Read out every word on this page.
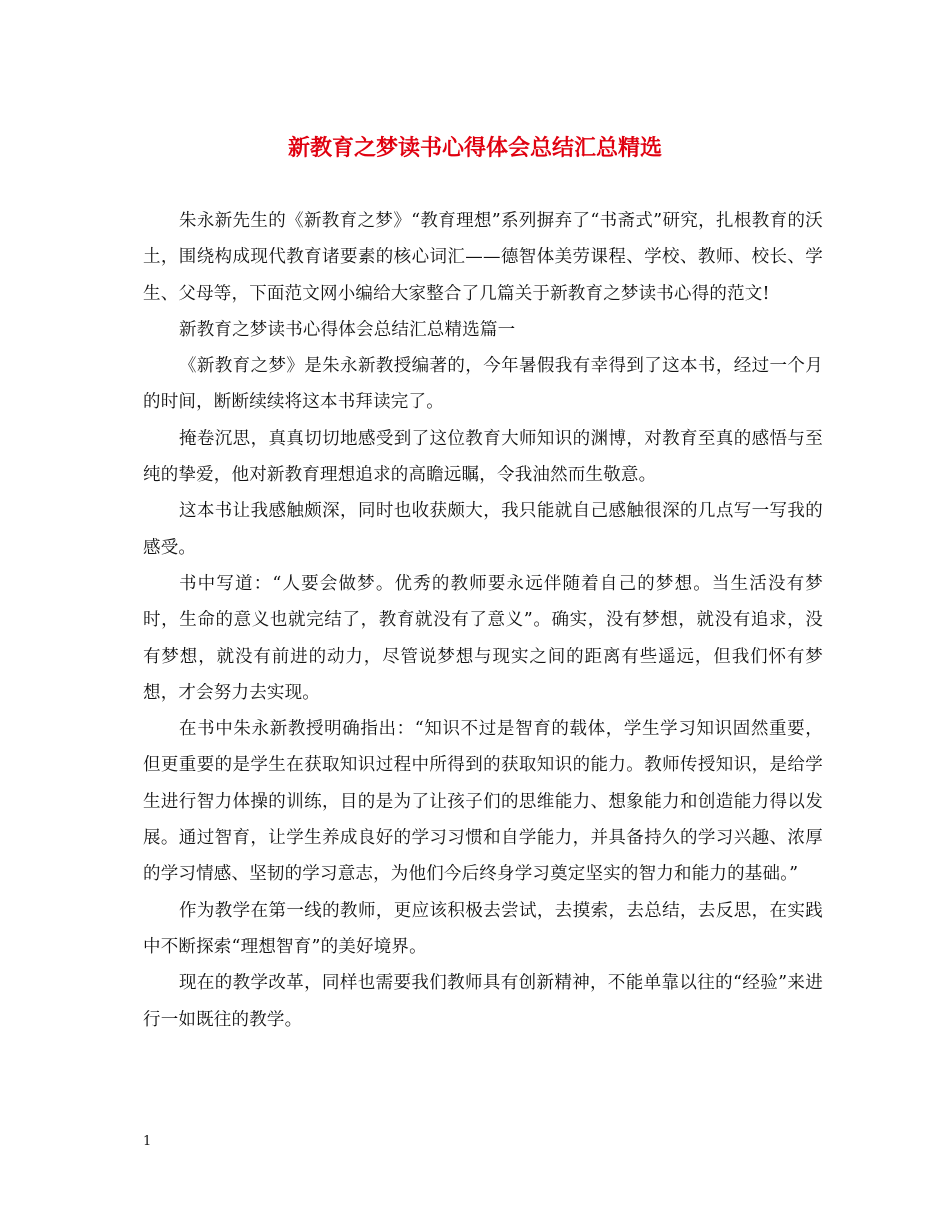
新教育之梦读书心得体会总结汇总精选

朱永新先生的《新教育之梦》“教育理想”系列摒弃了“书斋式”研究，扎根教育的沃土，围绕构成现代教育诸要素的核心词汇——德智体美劳课程、学校、教师、校长、学生、父母等，下面范文网小编给大家整合了几篇关于新教育之梦读书心得的范文!

新教育之梦读书心得体会总结汇总精选篇一

《新教育之梦》是朱永新教授编著的，今年暑假我有幸得到了这本书，经过一个月的时间，断断续续将这本书拜读完了。

掩卷沉思，真真切切地感受到了这位教育大师知识的渊博，对教育至真的感悟与至纯的挚爱，他对新教育理想追求的高瞻远瞩，令我油然而生敬意。

这本书让我感触颇深，同时也收获颇大，我只能就自己感触很深的几点写一写我的感受。

书中写道：“人要会做梦。优秀的教师要永远伴随着自己的梦想。当生活没有梦时，生命的意义也就完结了，教育就没有了意义”。确实，没有梦想，就没有追求，没有梦想，就没有前进的动力，尽管说梦想与现实之间的距离有些遥远，但我们怀有梦想，才会努力去实现。

在书中朱永新教授明确指出：“知识不过是智育的载体，学生学习知识固然重要，但更重要的是学生在获取知识过程中所得到的获取知识的能力。教师传授知识，是给学生进行智力体操的训练，目的是为了让孩子们的思维能力、想象能力和创造能力得以发展。通过智育，让学生养成良好的学习习惯和自学能力，并具备持久的学习兴趣、浓厚的学习情感、坚韧的学习意志，为他们今后终身学习奠定坚实的智力和能力的基础。”

作为教学在第一线的教师，更应该积极去尝试，去摸索，去总结，去反思，在实践中不断探索“理想智育”的美好境界。

现在的教学改革，同样也需要我们教师具有创新精神，不能单靠以往的“经验”来进行一如既往的教学。

1
